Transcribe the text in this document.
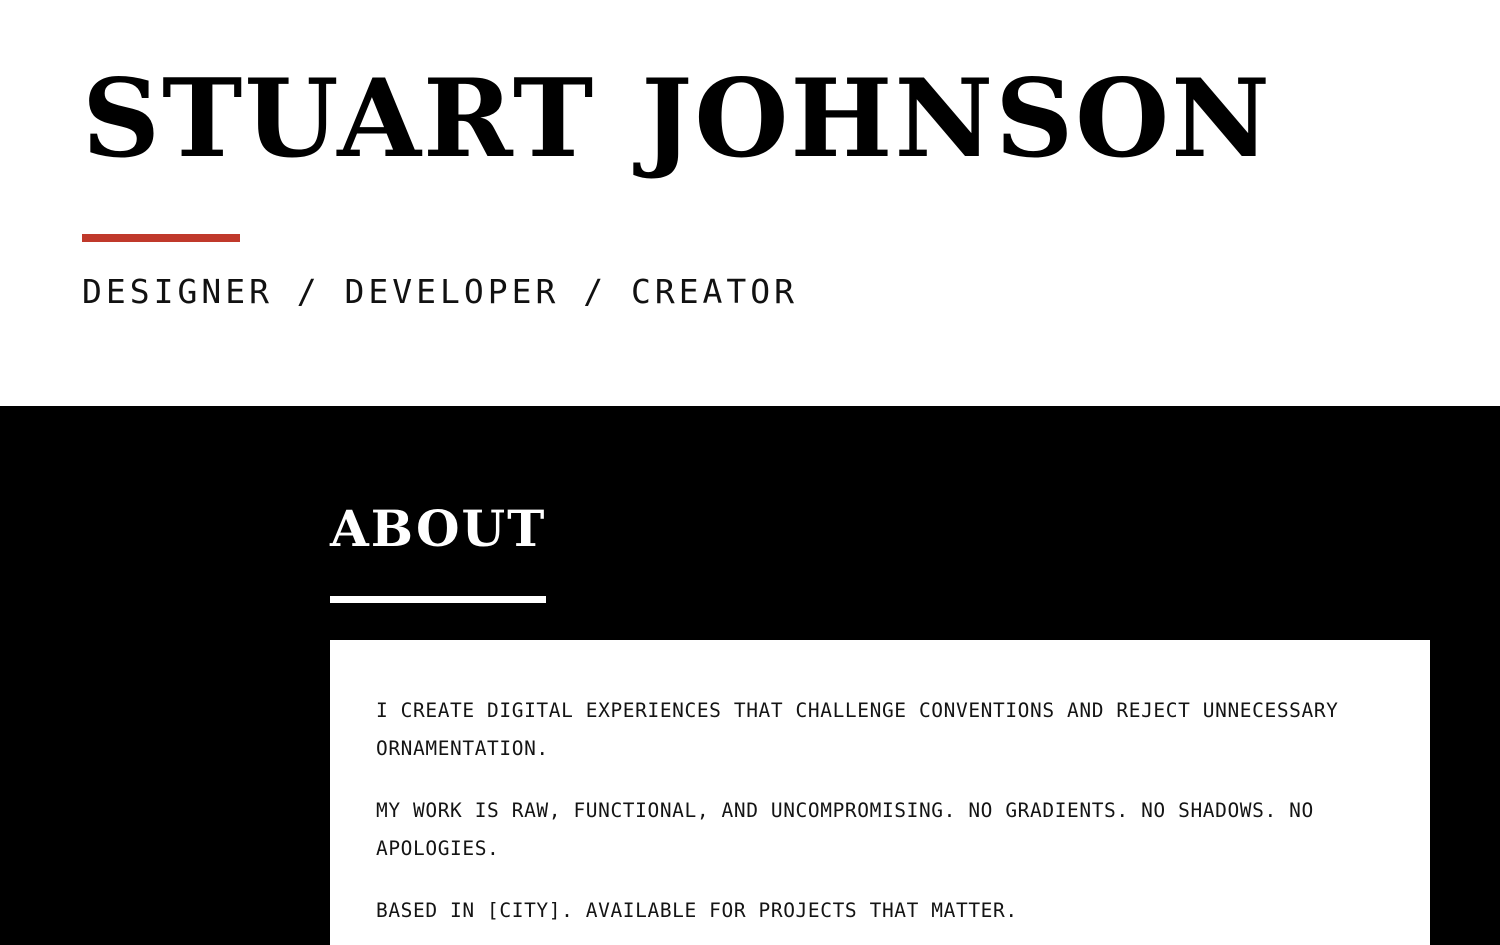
STUART JOHNSON
DESIGNER / DEVELOPER / CREATOR
ABOUT

I CREATE DIGITAL EXPERIENCES THAT CHALLENGE CONVENTIONS AND REJECT UNNECESSARY ORNAMENTATION.

MY WORK IS RAW, FUNCTIONAL, AND UNCOMPROMISING. NO GRADIENTS. NO SHADOWS. NO APOLOGIES.

BASED IN [CITY]. AVAILABLE FOR PROJECTS THAT MATTER.
